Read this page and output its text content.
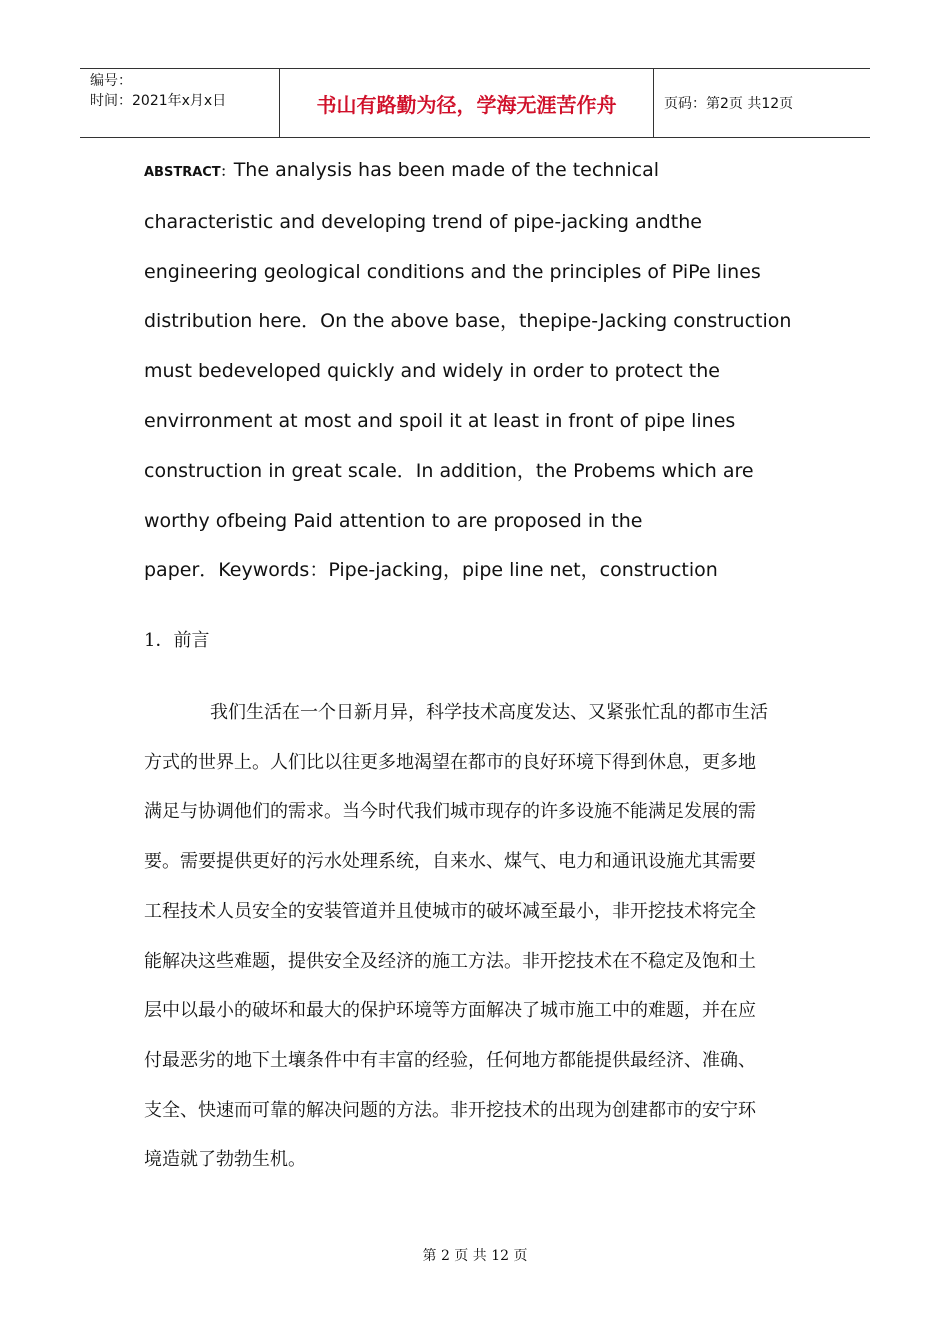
编号：
时间：2021年x月x日	书山有路勤为径，学海无涯苦作舟	页码：第2页 共12页

ABSTRACT：The analysis has been made of the technical

characteristic and developing trend of pipe-jacking andthe

engineering geological conditions and the principles of PiPe lines

distribution here．On the above base，thepipe-Jacking construction

must bedeveloped quickly and widely in order to protect the

envirronment at most and spoil it at least in front of pipe lines

construction in great scale．In addition，the Probems which are

worthy ofbeing Paid attention to are proposed in the

paper．Keywords：Pipe-jacking，pipe line net，construction

1．前言

我们生活在一个日新月异，科学技术高度发达、又紧张忙乱的都市生活

方式的世界上。人们比以往更多地渴望在都市的良好环境下得到休息，更多地

满足与协调他们的需求。当今时代我们城市现存的许多设施不能满足发展的需

要。需要提供更好的污水处理系统，自来水、煤气、电力和通讯设施尤其需要

工程技术人员安全的安装管道并且使城市的破坏减至最小，非开挖技术将完全

能解决这些难题，提供安全及经济的施工方法。非开挖技术在不稳定及饱和土

层中以最小的破坏和最大的保护环境等方面解决了城市施工中的难题，并在应

付最恶劣的地下土壤条件中有丰富的经验，任何地方都能提供最经济、准确、

支全、快速而可靠的解决问题的方法。非开挖技术的出现为创建都市的安宁环

境造就了勃勃生机。

第 2 页 共 12 页
